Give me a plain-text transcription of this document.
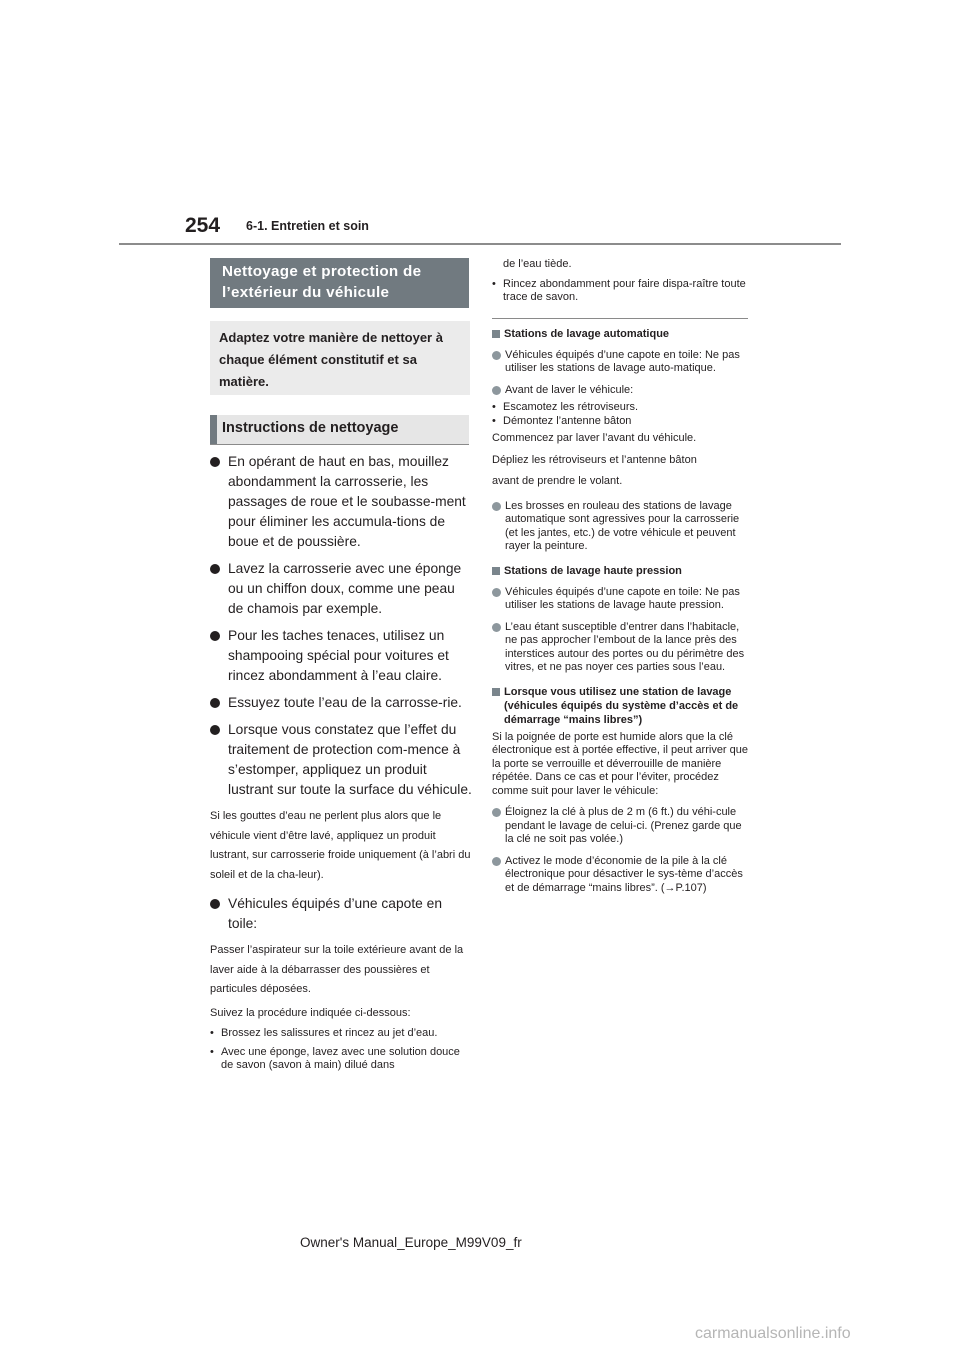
254 6-1. Entretien et soin

Nettoyage et protection de l’extérieur du véhicule
Adaptez votre manière de nettoyer à chaque élément constitutif et sa matière.
Instructions de nettoyage
En opérant de haut en bas, mouillez abondamment la carrosserie, les passages de roue et le soubasse-ment pour éliminer les accumula-tions de boue et de poussière.
Lavez la carrosserie avec une éponge ou un chiffon doux, comme une peau de chamois par exemple.
Pour les taches tenaces, utilisez un shampooing spécial pour voitures et rincez abondamment à l’eau claire.
Essuyez toute l’eau de la carrosse-rie.
Lorsque vous constatez que l’effet du traitement de protection com-mence à s’estomper, appliquez un produit lustrant sur toute la surface du véhicule.

Si les gouttes d’eau ne perlent plus alors que le véhicule vient d’être lavé, appliquez un produit lustrant, sur carrosserie froide uniquement (à l’abri du soleil et de la cha-leur).

Véhicules équipés d’une capote en toile:

Passer l’aspirateur sur la toile extérieure avant de la laver aide à la débarrasser des poussières et particules déposées.

Suivez la procédure indiquée ci-dessous:

• Brossez les salissures et rincez au jet d’eau.
• Avec une éponge, lavez avec une solution douce de savon (savon à main) dilué dans

de l’eau tiède.

• Rincez abondamment pour faire dispa-raître toute trace de savon.
Stations de lavage automatique
Véhicules équipés d’une capote en toile: Ne pas utiliser les stations de lavage auto-matique.
Avant de laver le véhicule:
• Escamotez les rétroviseurs.
• Démontez l’antenne bâton

Commencez par laver l’avant du véhicule.

Dépliez les rétroviseurs et l’antenne bâton

avant de prendre le volant.

Les brosses en rouleau des stations de lavage automatique sont agressives pour la carrosserie (et les jantes, etc.) de votre véhicule et peuvent rayer la peinture.
Stations de lavage haute pression
Véhicules équipés d’une capote en toile: Ne pas utiliser les stations de lavage haute pression.
L’eau étant susceptible d’entrer dans l’habitacle, ne pas approcher l’embout de la lance près des interstices autour des portes ou du périmètre des vitres, et ne pas noyer ces parties sous l’eau.
Lorsque vous utilisez une station de lavage (véhicules équipés du système d’accès et de démarrage “mains libres”)

Si la poignée de porte est humide alors que la clé électronique est à portée effective, il peut arriver que la porte se verrouille et déverrouille de manière répétée. Dans ce cas et pour l’éviter, procédez comme suit pour laver le véhicule:

Éloignez la clé à plus de 2 m (6 ft.) du véhi-cule pendant le lavage de celui-ci. (Prenez garde que la clé ne soit pas volée.)
Activez le mode d’économie de la pile à la clé électronique pour désactiver le sys-tème d’accès et de démarrage “mains libres”. (→P.107)

Owner's Manual_Europe_M99V09_fr

carmanualsonline.info
